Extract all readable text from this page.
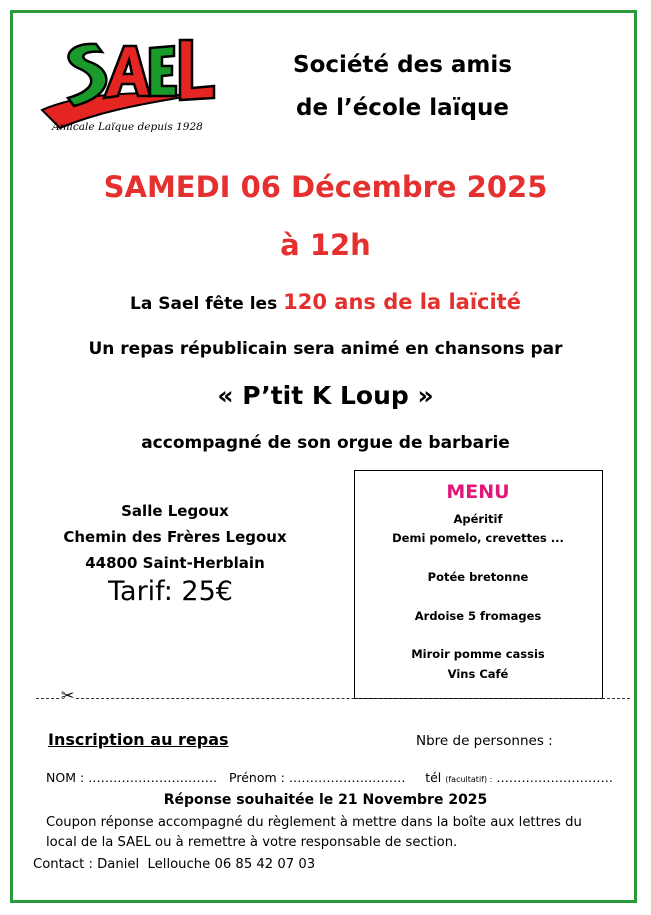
Amicale Laïque depuis 1928
Société des amis
de l’école laïque
SAMEDI 06 Décembre 2025
à 12h
La Sael fête les 120 ans de la laïcité
Un repas républicain sera animé en chansons par
« P’tit K Loup »
accompagné de son orgue de barbarie
Salle Legoux
Chemin des Frères Legoux
44800 Saint-Herblain
Tarif: 25€
MENU
Apéritif
Demi pomelo, crevettes ...
Potée bretonne
Ardoise 5 fromages
Miroir pomme cassis
Vins Café
✂
Inscription au repas	Nbre de personnes :
NOM : …………………………. Prénom : ………………………. tél (facultatif) : ……………………….
Réponse souhaitée le 21 Novembre 2025
Coupon réponse accompagné du règlement à mettre dans la boîte aux lettres du
local de la SAEL ou à remettre à votre responsable de section.
Contact : Daniel  Lellouche 06 85 42 07 03
